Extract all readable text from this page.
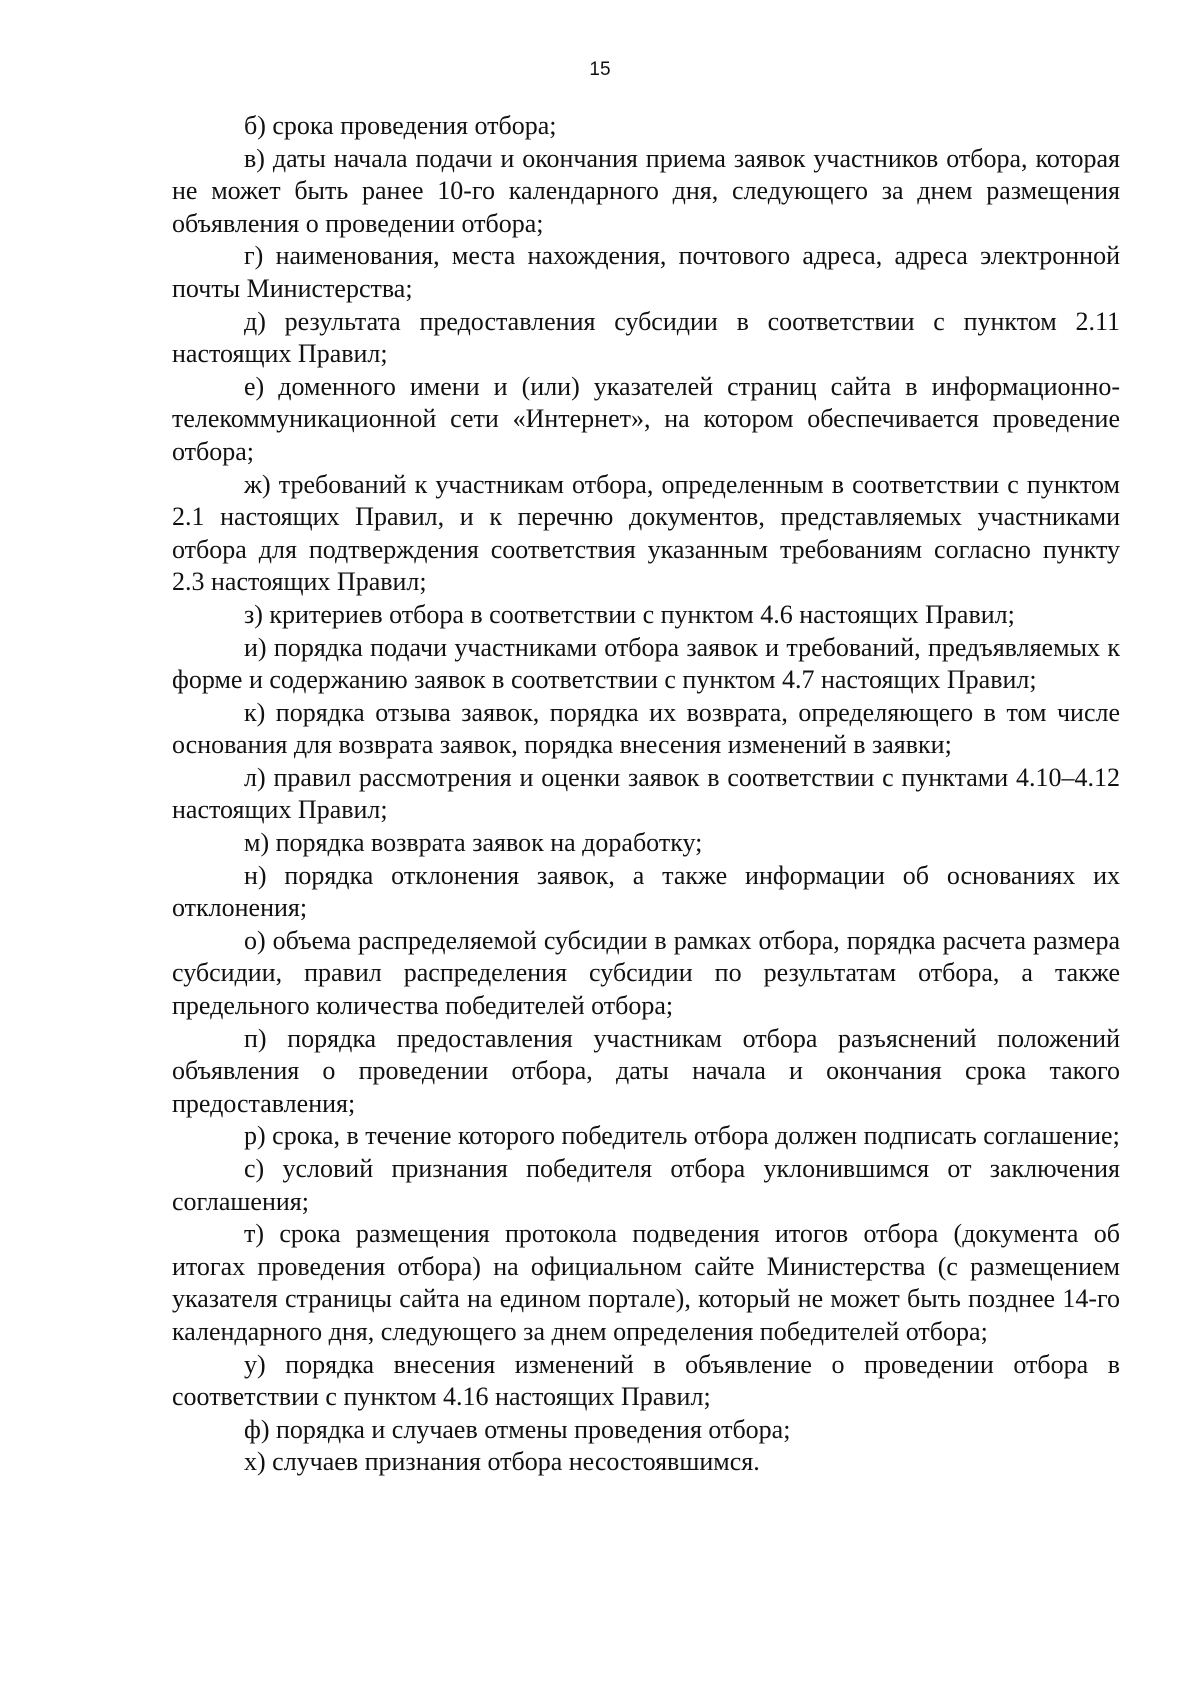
15

б) срока проведения отбора;

в) даты начала подачи и окончания приема заявок участников отбора, которая не может быть ранее 10-го календарного дня, следующего за днем размещения объявления о проведении отбора;

г) наименования, места нахождения, почтового адреса, адреса электронной почты Министерства;

д) результата предоставления субсидии в соответствии с пунктом 2.11 настоящих Правил;

е) доменного имени и (или) указателей страниц сайта в информационно-телекоммуникационной сети «Интернет», на котором обеспечивается проведение отбора;

ж) требований к участникам отбора, определенным в соответствии с пунктом 2.1 настоящих Правил, и к перечню документов, представляемых участниками отбора для подтверждения соответствия указанным требованиям согласно пункту 2.3 настоящих Правил;

з) критериев отбора в соответствии с пунктом 4.6 настоящих Правил;

и) порядка подачи участниками отбора заявок и требований, предъявляемых к форме и содержанию заявок в соответствии с пунктом 4.7 настоящих Правил;

к) порядка отзыва заявок, порядка их возврата, определяющего в том числе основания для возврата заявок, порядка внесения изменений в заявки;

л) правил рассмотрения и оценки заявок в соответствии с пунктами 4.10–4.12 настоящих Правил;

м) порядка возврата заявок на доработку;

н) порядка отклонения заявок, а также информации об основаниях их отклонения;

о) объема распределяемой субсидии в рамках отбора, порядка расчета размера субсидии, правил распределения субсидии по результатам отбора, а также предельного количества победителей отбора;

п) порядка предоставления участникам отбора разъяснений положений объявления о проведении отбора, даты начала и окончания срока такого предоставления;

р) срока, в течение которого победитель отбора должен подписать соглашение;

с) условий признания победителя отбора уклонившимся от заключения соглашения;

т) срока размещения протокола подведения итогов отбора (документа об итогах проведения отбора) на официальном сайте Министерства (с размещением указателя страницы сайта на едином портале), который не может быть позднее 14-го календарного дня, следующего за днем определения победителей отбора;

у) порядка внесения изменений в объявление о проведении отбора в соответствии с пунктом 4.16 настоящих Правил;

ф) порядка и случаев отмены проведения отбора;

х) случаев признания отбора несостоявшимся.
